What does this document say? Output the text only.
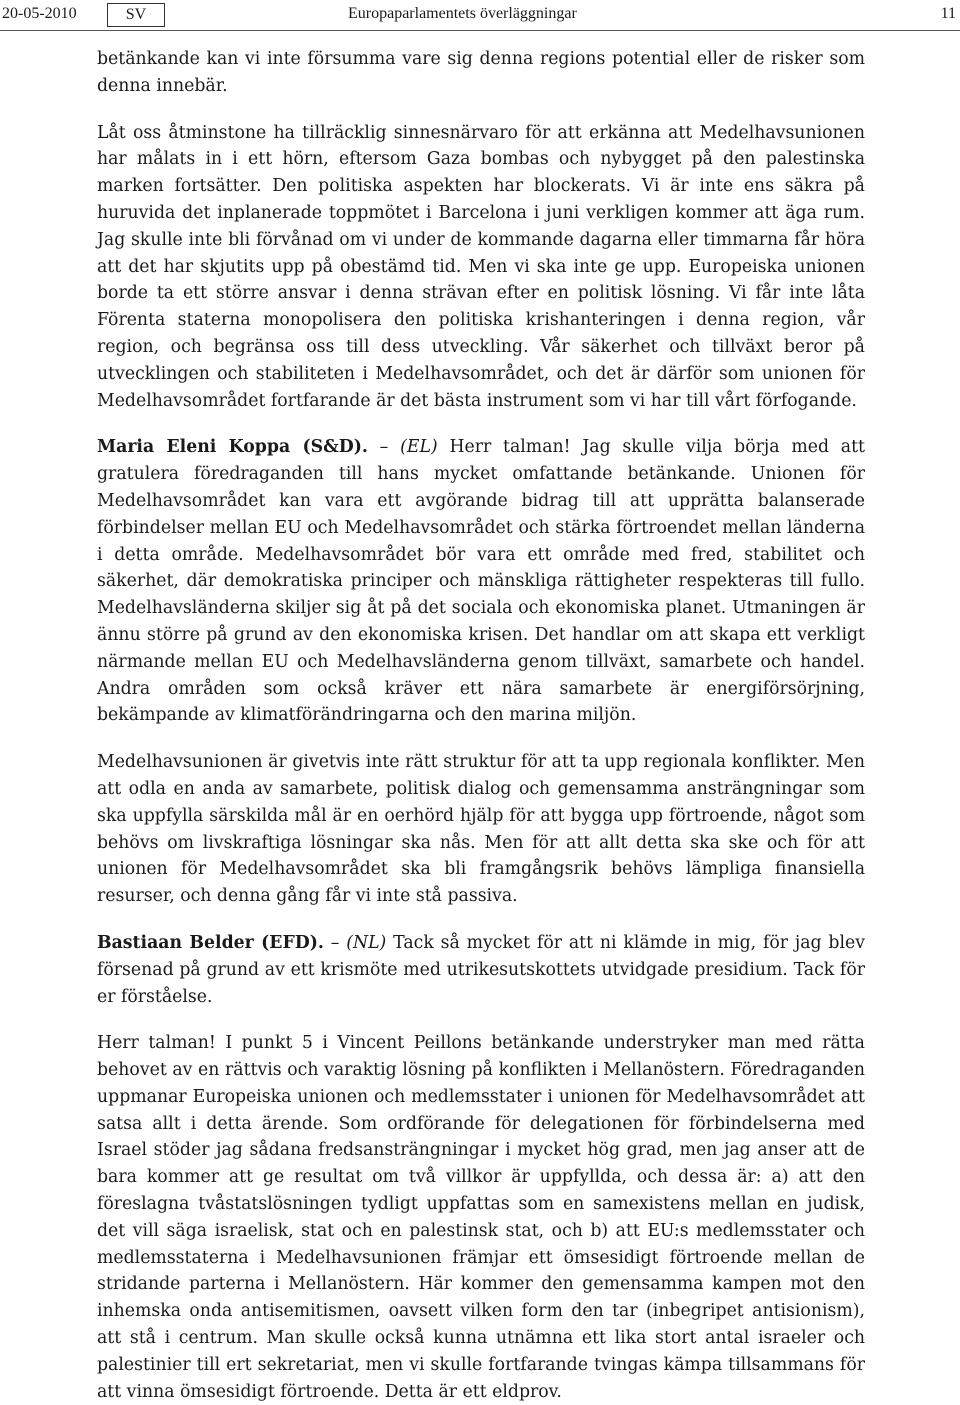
20-05-2010	SV	Europaparlamentets överläggningar	11

betänkande kan vi inte försumma vare sig denna regions potential eller de risker som denna innebär.

Låt oss åtminstone ha tillräcklig sinnesnärvaro för att erkänna att Medelhavsunionen har målats in i ett hörn, eftersom Gaza bombas och nybygget på den palestinska marken fortsätter. Den politiska aspekten har blockerats. Vi är inte ens säkra på huruvida det inplanerade toppmötet i Barcelona i juni verkligen kommer att äga rum. Jag skulle inte bli förvånad om vi under de kommande dagarna eller timmarna får höra att det har skjutits upp på obestämd tid. Men vi ska inte ge upp. Europeiska unionen borde ta ett större ansvar i denna strävan efter en politisk lösning. Vi får inte låta Förenta staterna monopolisera den politiska krishanteringen i denna region, vår region, och begränsa oss till dess utveckling. Vår säkerhet och tillväxt beror på utvecklingen och stabiliteten i Medelhavsområdet, och det är därför som unionen för Medelhavsområdet fortfarande är det bästa instrument som vi har till vårt förfogande.

Maria Eleni Koppa (S&D). – (EL) Herr talman! Jag skulle vilja börja med att gratulera föredraganden till hans mycket omfattande betänkande. Unionen för Medelhavsområdet kan vara ett avgörande bidrag till att upprätta balanserade förbindelser mellan EU och Medelhavsområdet och stärka förtroendet mellan länderna i detta område. Medelhavsområdet bör vara ett område med fred, stabilitet och säkerhet, där demokratiska principer och mänskliga rättigheter respekteras till fullo. Medelhavsländerna skiljer sig åt på det sociala och ekonomiska planet. Utmaningen är ännu större på grund av den ekonomiska krisen. Det handlar om att skapa ett verkligt närmande mellan EU och Medelhavsländerna genom tillväxt, samarbete och handel. Andra områden som också kräver ett nära samarbete är energiförsörjning, bekämpande av klimatförändringarna och den marina miljön.

Medelhavsunionen är givetvis inte rätt struktur för att ta upp regionala konflikter. Men att odla en anda av samarbete, politisk dialog och gemensamma ansträngningar som ska uppfylla särskilda mål är en oerhörd hjälp för att bygga upp förtroende, något som behövs om livskraftiga lösningar ska nås. Men för att allt detta ska ske och för att unionen för Medelhavsområdet ska bli framgångsrik behövs lämpliga finansiella resurser, och denna gång får vi inte stå passiva.

Bastiaan Belder (EFD). – (NL) Tack så mycket för att ni klämde in mig, för jag blev försenad på grund av ett krismöte med utrikesutskottets utvidgade presidium. Tack för er förståelse.

Herr talman! I punkt 5 i Vincent Peillons betänkande understryker man med rätta behovet av en rättvis och varaktig lösning på konflikten i Mellanöstern. Föredraganden uppmanar Europeiska unionen och medlemsstater i unionen för Medelhavsområdet att satsa allt i detta ärende. Som ordförande för delegationen för förbindelserna med Israel stöder jag sådana fredsansträngningar i mycket hög grad, men jag anser att de bara kommer att ge resultat om två villkor är uppfyllda, och dessa är: a) att den föreslagna tvåstatslösningen tydligt uppfattas som en samexistens mellan en judisk, det vill säga israelisk, stat och en palestinsk stat, och b) att EU:s medlemsstater och medlemsstaterna i Medelhavsunionen främjar ett ömsesidigt förtroende mellan de stridande parterna i Mellanöstern. Här kommer den gemensamma kampen mot den inhemska onda antisemitismen, oavsett vilken form den tar (inbegripet antisionism), att stå i centrum. Man skulle också kunna utnämna ett lika stort antal israeler och palestinier till ert sekretariat, men vi skulle fortfarande tvingas kämpa tillsammans för att vinna ömsesidigt förtroende. Detta är ett eldprov.
